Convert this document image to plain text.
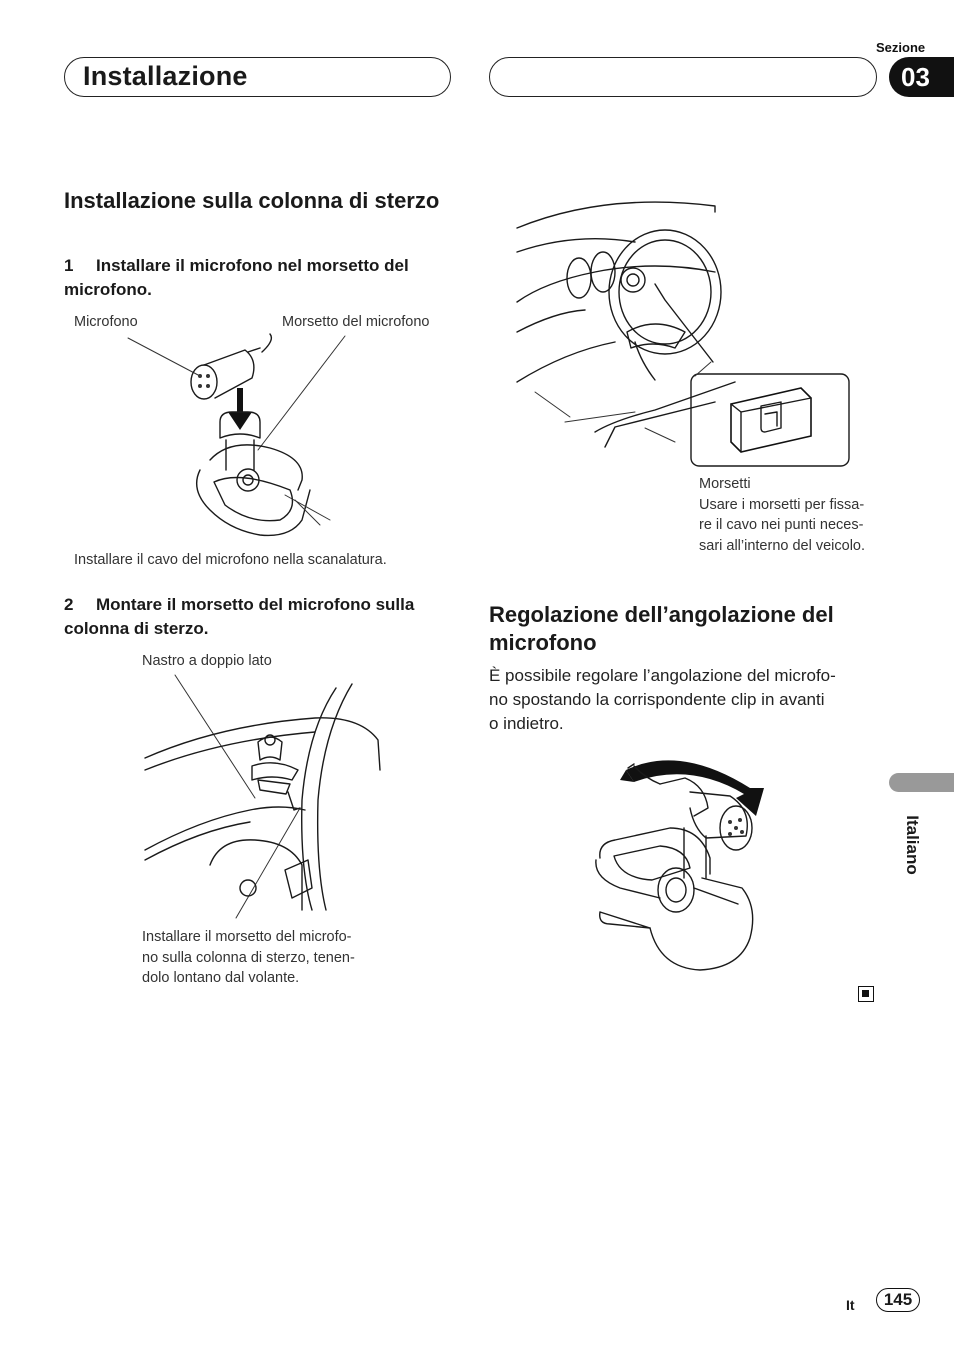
Sezione
Installazione	03
Installazione sulla colonna di sterzo
1 Installare il microfono nel morsetto del microfono.
Microfono	Morsetto del microfono
Installare il cavo del microfono nella scanalatura.
2 Montare il morsetto del microfono sulla colonna di sterzo.
Nastro a doppio lato
Installare il morsetto del microfo-
no sulla colonna di sterzo, tenen-
dolo lontano dal volante.
Morsetti
Usare i morsetti per fissa-
re il cavo nei punti neces-
sari all’interno del veicolo.
Regolazione dell’angolazione del microfono
È possibile regolare l’angolazione del microfo-
no spostando la corrispondente clip in avanti
o indietro.
Italiano
It	145
